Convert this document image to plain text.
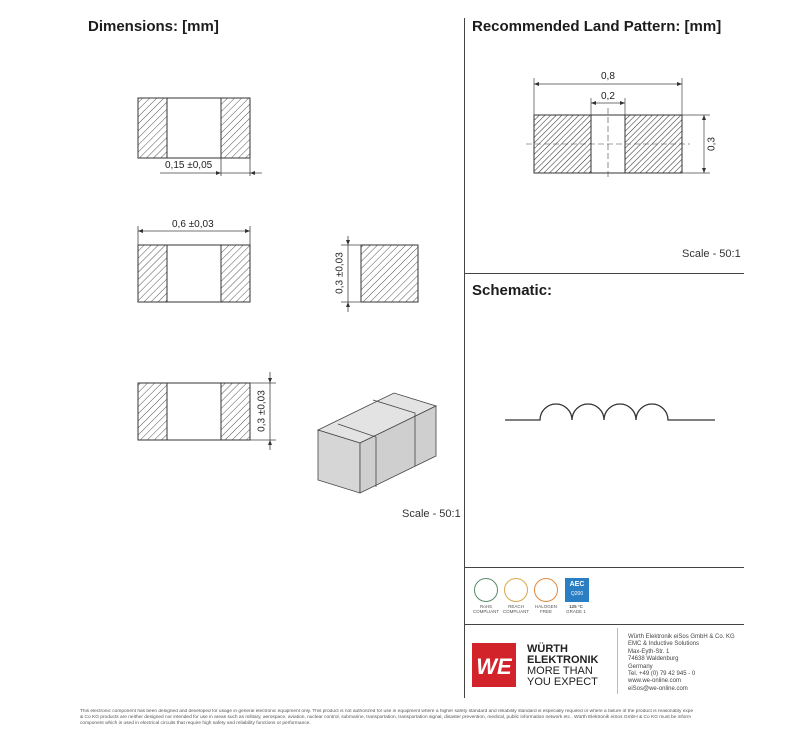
Dimensions: [mm]	Recommended Land Pattern: [mm]
Schematic:
0,15 ±0,05
0,6 ±0,03
0,3 ±0,03
0,3 ±0,03
Scale - 50:1
0,8
0,2
0,3
Scale - 50:1
RoHS
COMPLIANT
REACH
COMPLIANT
HALOGEN
FREE
AEC
Q200
125 °C
GRADE 1
WE
WÜRTH
ELEKTRONIK
MORE THAN
YOU EXPECT
Würth Elektronik eiSos GmbH & Co. KG
EMC & Inductive Solutions
Max-Eyth-Str. 1
74638 Waldenburg
Germany
Tel. +49 (0) 79 42 945 - 0
www.we-online.com
eiSos@we-online.com
This electronic component has been designed and developed for usage in general electronic equipment only. This product is not authorized for use in equipment where a higher safety standard and reliability standard is especially required or where a failure of the product is reasonably expe
& Co KG products are neither designed nor intended for use in areas such as military, aerospace, aviation, nuclear control, submarine, transportation, transportation signal, disaster prevention, medical, public information network etc.. Würth Elektronik eiSos GmbH & Co KG must be inform
component which is used in electrical circuits that require high safety and reliability functions or performance.
